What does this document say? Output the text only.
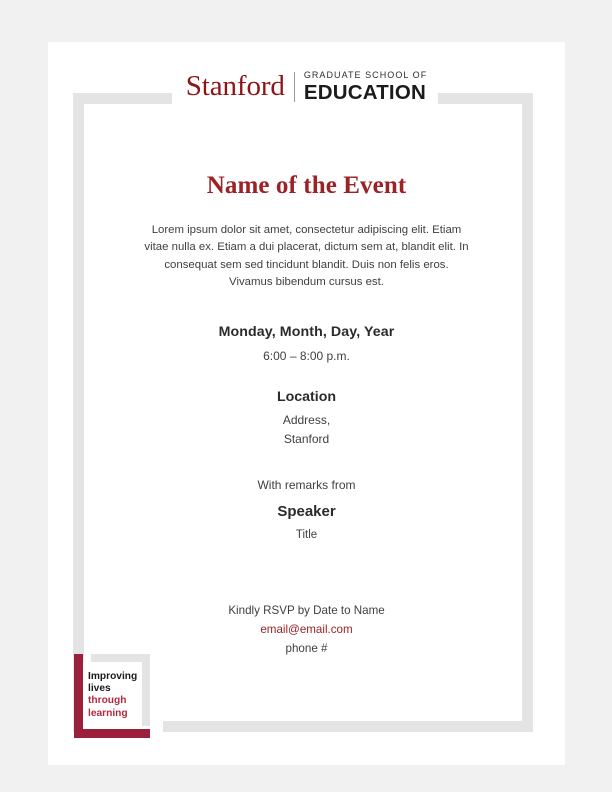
Stanford	GRADUATE SCHOOL OF
EDUCATION
Name of the Event

Lorem ipsum dolor sit amet, consectetur adipiscing elit. Etiam vitae nulla ex. Etiam a dui placerat, dictum sem at, blandit elit. In consequat sem sed tincidunt blandit. Duis non felis eros. Vivamus bibendum cursus est.

Monday, Month, Day, Year

6:00 – 8:00 p.m.

Location

Address,

Stanford

With remarks from

Speaker

Title

Kindly RSVP by Date to Name

email@email.com

phone #

Improving
lives
through
learning
